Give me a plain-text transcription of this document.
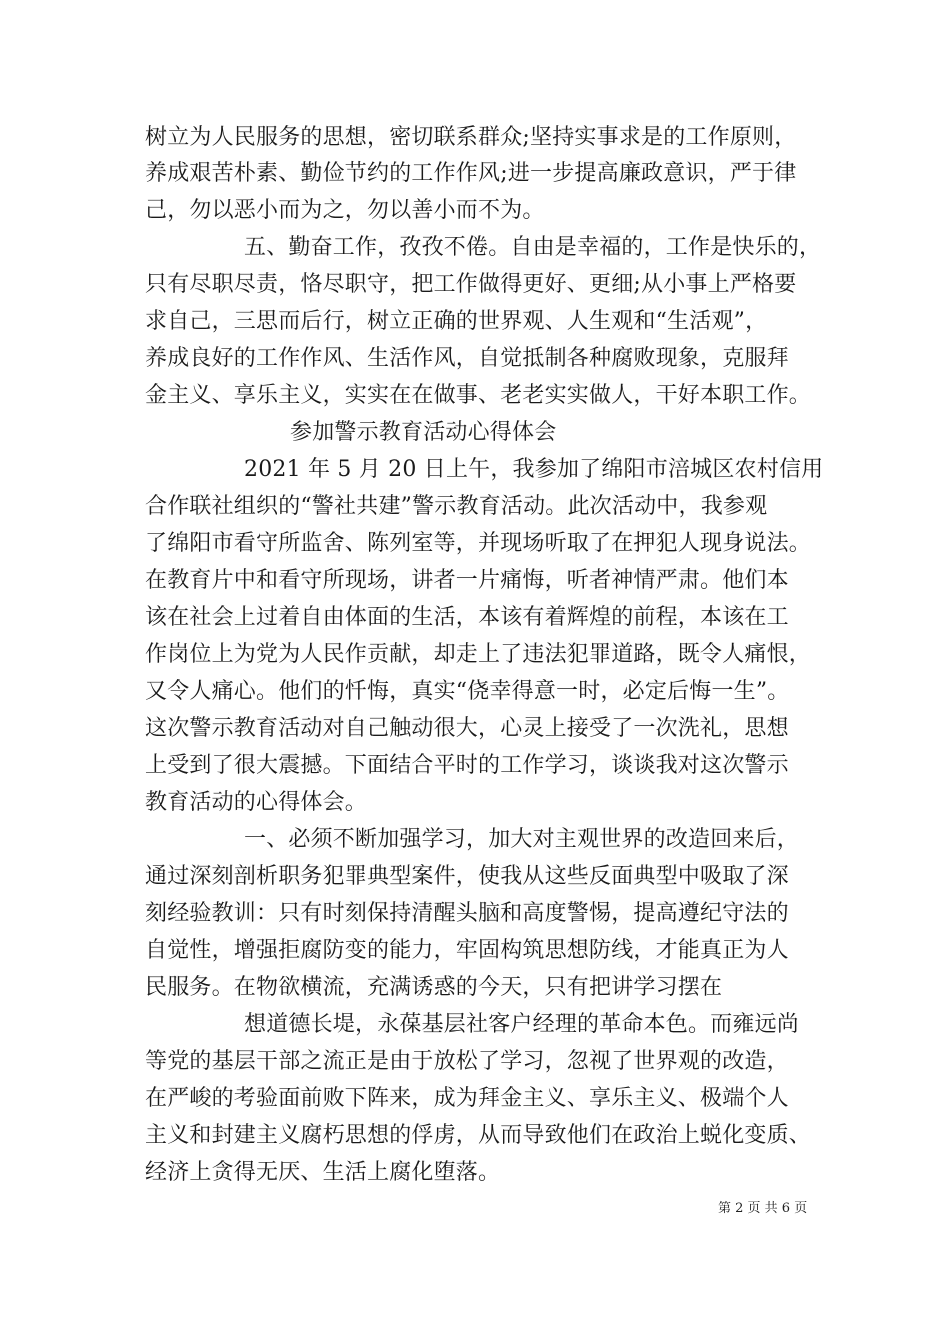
树立为人民服务的思想，密切联系群众;坚持实事求是的工作原则，
养成艰苦朴素、勤俭节约的工作作风;进一步提高廉政意识，严于律
己，勿以恶小而为之，勿以善小而不为。
五、勤奋工作，孜孜不倦。自由是幸福的，工作是快乐的，
只有尽职尽责，恪尽职守，把工作做得更好、更细;从小事上严格要
求自己，三思而后行，树立正确的世界观、人生观和“生活观”，
养成良好的工作作风、生活作风，自觉抵制各种腐败现象，克服拜
金主义、享乐主义，实实在在做事、老老实实做人，干好本职工作。
参加警示教育活动心得体会
2021 年 5 月 20 日上午，我参加了绵阳市涪城区农村信用
合作联社组织的“警社共建”警示教育活动。此次活动中，我参观
了绵阳市看守所监舍、陈列室等，并现场听取了在押犯人现身说法。
在教育片中和看守所现场，讲者一片痛悔，听者神情严肃。他们本
该在社会上过着自由体面的生活，本该有着辉煌的前程，本该在工
作岗位上为党为人民作贡献，却走上了违法犯罪道路，既令人痛恨，
又令人痛心。他们的忏悔，真实“侥幸得意一时，必定后悔一生”。
这次警示教育活动对自己触动很大，心灵上接受了一次洗礼，思想
上受到了很大震撼。下面结合平时的工作学习，谈谈我对这次警示
教育活动的心得体会。
一、必须不断加强学习，加大对主观世界的改造回来后，
通过深刻剖析职务犯罪典型案件，使我从这些反面典型中吸取了深
刻经验教训：只有时刻保持清醒头脑和高度警惕，提高遵纪守法的
自觉性，增强拒腐防变的能力，牢固构筑思想防线，才能真正为人
民服务。在物欲横流，充满诱惑的今天，只有把讲学习摆在
想道德长堤，永葆基层社客户经理的革命本色。而雍远尚
等党的基层干部之流正是由于放松了学习，忽视了世界观的改造，
在严峻的考验面前败下阵来，成为拜金主义、享乐主义、极端个人
主义和封建主义腐朽思想的俘虏，从而导致他们在政治上蜕化变质、
经济上贪得无厌、生活上腐化堕落。
第 2 页 共 6 页
